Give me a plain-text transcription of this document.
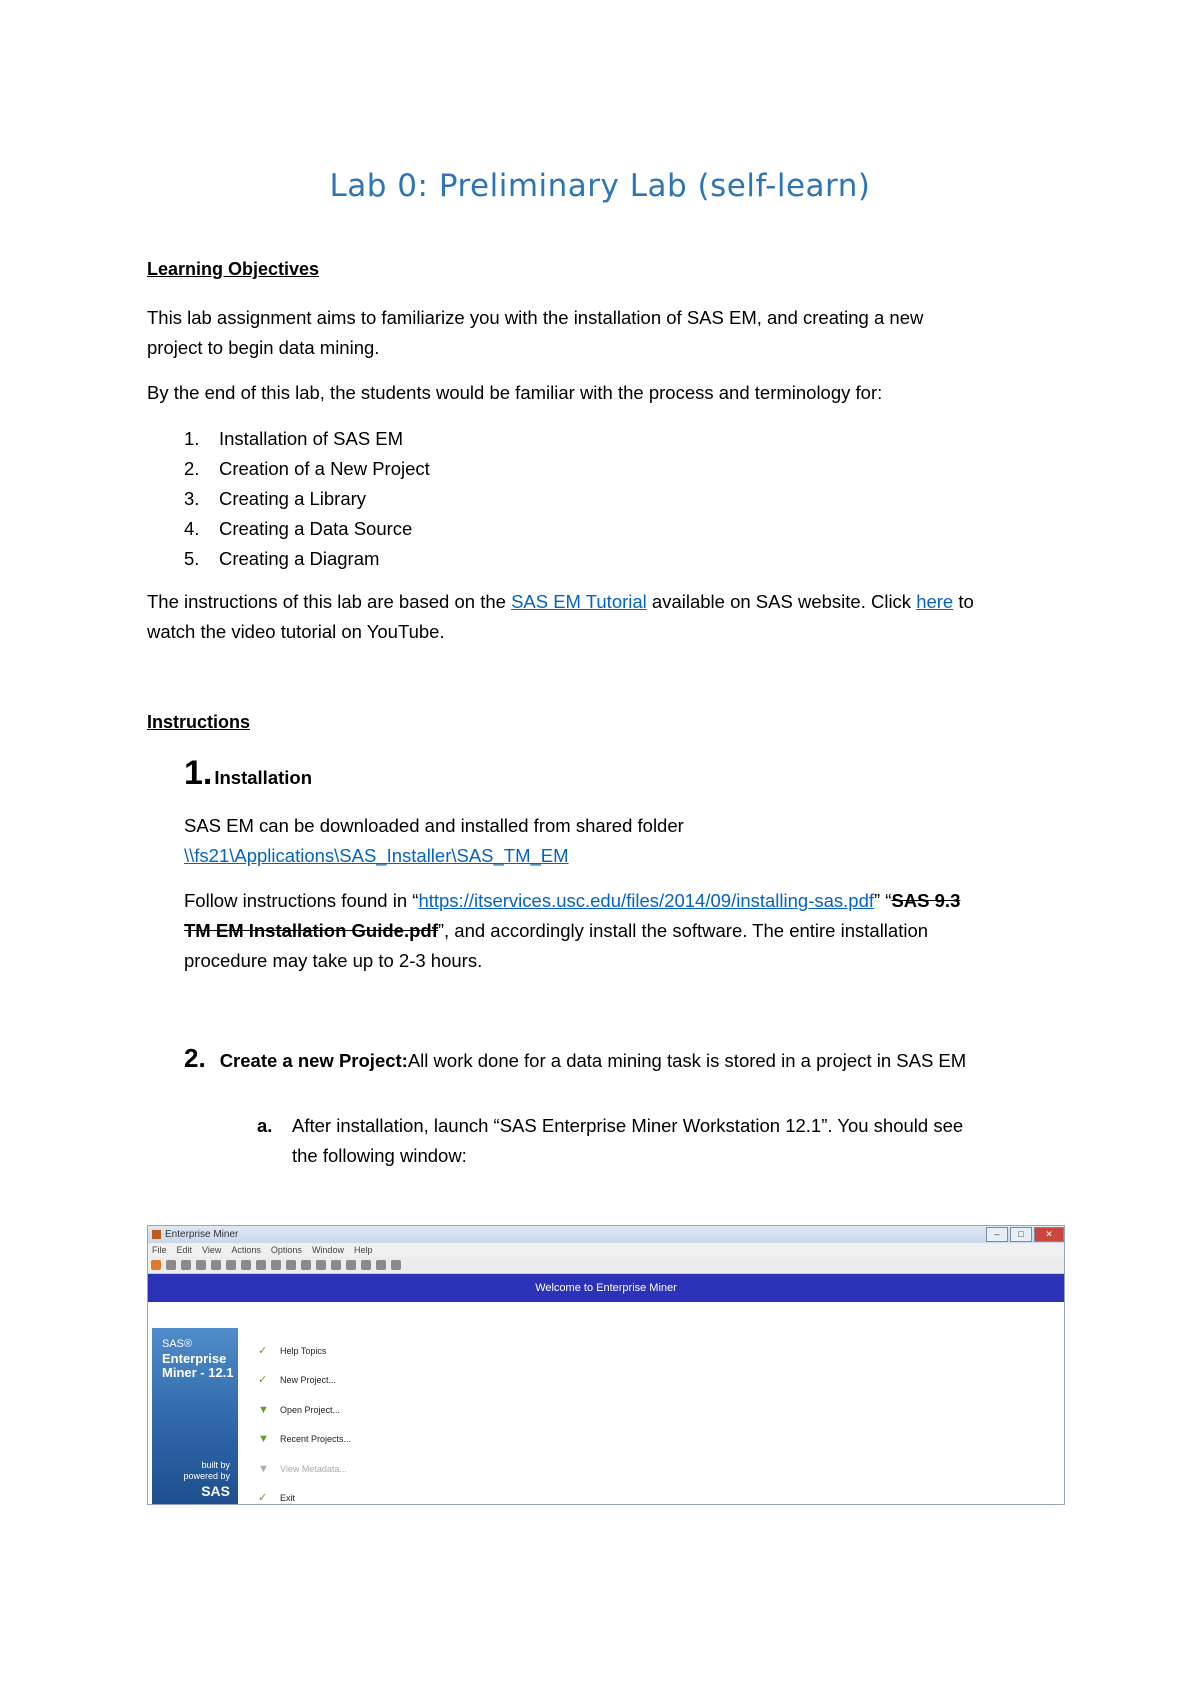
Lab 0: Preliminary Lab (self-learn)
Learning Objectives
This lab assignment aims to familiarize you with the installation of SAS EM, and creating a new
project to begin data mining.
By the end of this lab, the students would be familiar with the process and terminology for:
1.	Installation of SAS EM
2.	Creation of a New Project
3.	Creating a Library
4.	Creating a Data Source
5.	Creating a Diagram
The instructions of this lab are based on the SAS EM Tutorial available on SAS website. Click here to
watch the video tutorial on YouTube.
Instructions
1. Installation
SAS EM can be downloaded and installed from shared folder
\\fs21\Applications\SAS_Installer\SAS_TM_EM
Follow instructions found in “https://itservices.usc.edu/files/2014/09/installing-sas.pdf” “SAS 9.3
TM EM Installation Guide.pdf”, and accordingly install the software. The entire installation
procedure may take up to 2-3 hours.
2. Create a new Project: All work done for a data mining task is stored in a project in SAS EM
a.	After installation, launch “SAS Enterprise Miner Workstation 12.1”. You should see
the following window:
Enterprise Miner	–	□	✕
File Edit View Actions Options Window Help
Welcome to Enterprise Miner
SAS®
Enterprise
Miner - 12.1
built by
powered by
SAS
✓	Help Topics
✓	New Project...
▼ Open Project...
▼ Recent Projects...
▼ View Metadata...
✓	Exit
